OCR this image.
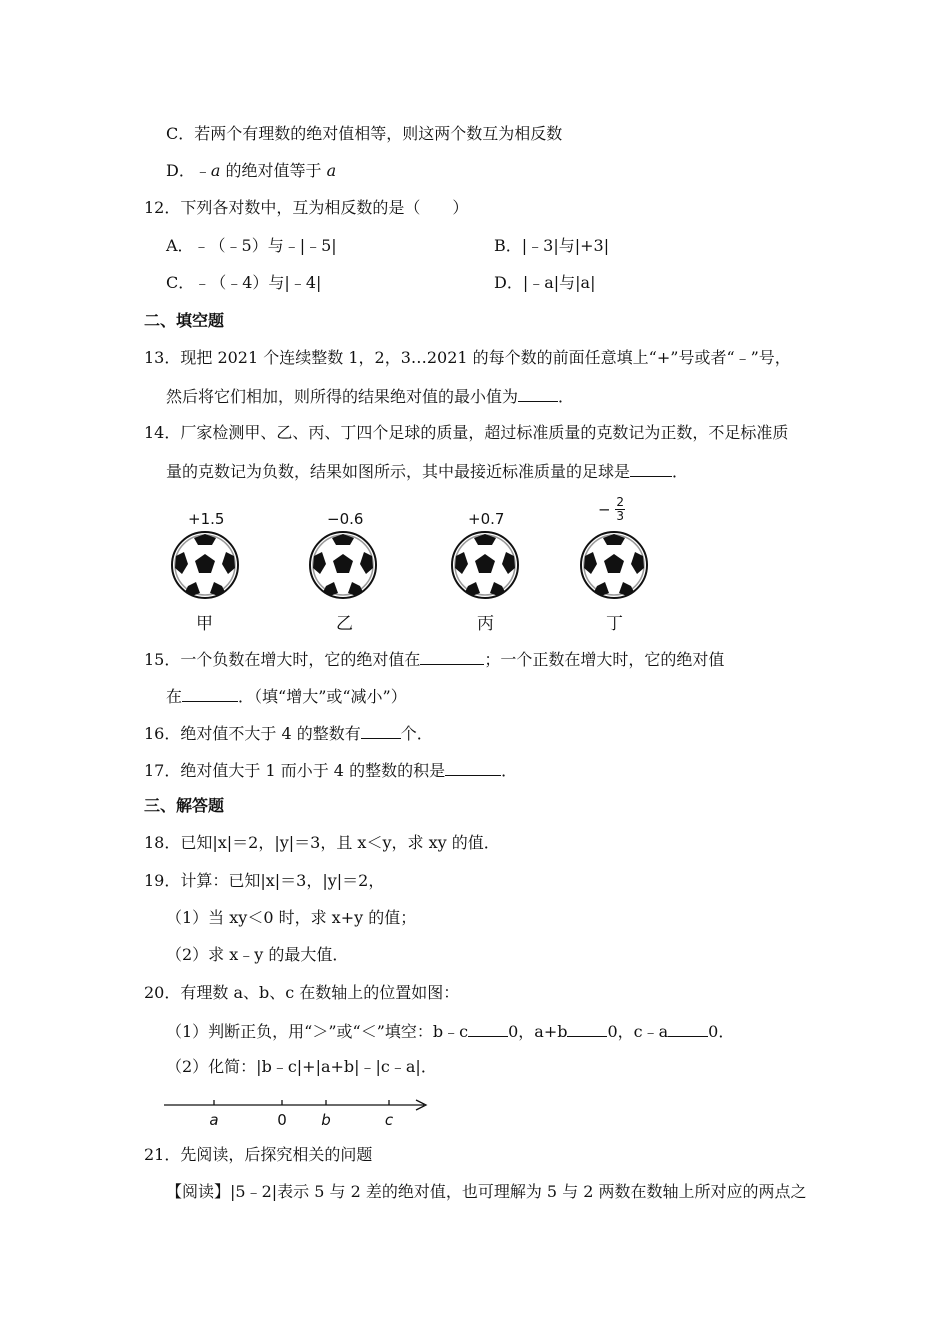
C．若两个有理数的绝对值相等，则这两个数互为相反数
D．﹣a 的绝对值等于 a
12．下列各对数中，互为相反数的是（　　）
A．﹣（﹣5）与﹣|﹣5|	B．|﹣3|与|+3|
C．﹣（﹣4）与|﹣4|	D．|﹣a|与|a|
二、填空题
13．现把 2021 个连续整数 1，2，3…2021 的每个数的前面任意填上“+”号或者“﹣”号，
然后将它们相加，则所得的结果绝对值的最小值为	．
14．厂家检测甲、乙、丙、丁四个足球的质量，超过标准质量的克数记为正数，不足标准质
量的克数记为负数，结果如图所示，其中最接近标准质量的足球是	．
+1.5
甲
−0.6
乙
+0.7
丙
− $\frac{2}{3}$
丁
15．一个负数在增大时，它的绝对值在	；一个正数在增大时，它的绝对值
在	．（填“增大”或“减小”）
16．绝对值不大于 4 的整数有	个．
17．绝对值大于 1 而小于 4 的整数的积是	．
三、解答题
18．已知|x|＝2，|y|＝3，且 x＜y，求 xy 的值．
19．计算：已知|x|＝3，|y|＝2，
（1）当 xy＜0 时，求 x+y 的值；
（2）求 x﹣y 的最大值．
20．有理数 a、b、c 在数轴上的位置如图：
（1）判断正负，用“＞”或“＜”填空：b﹣c	0，a+b	0，c﹣a	0．
（2）化简：|b﹣c|+|a+b|﹣|c﹣a|．
a	0 b	c
21．先阅读，后探究相关的问题
【阅读】|5﹣2|表示 5 与 2 差的绝对值，也可理解为 5 与 2 两数在数轴上所对应的两点之
